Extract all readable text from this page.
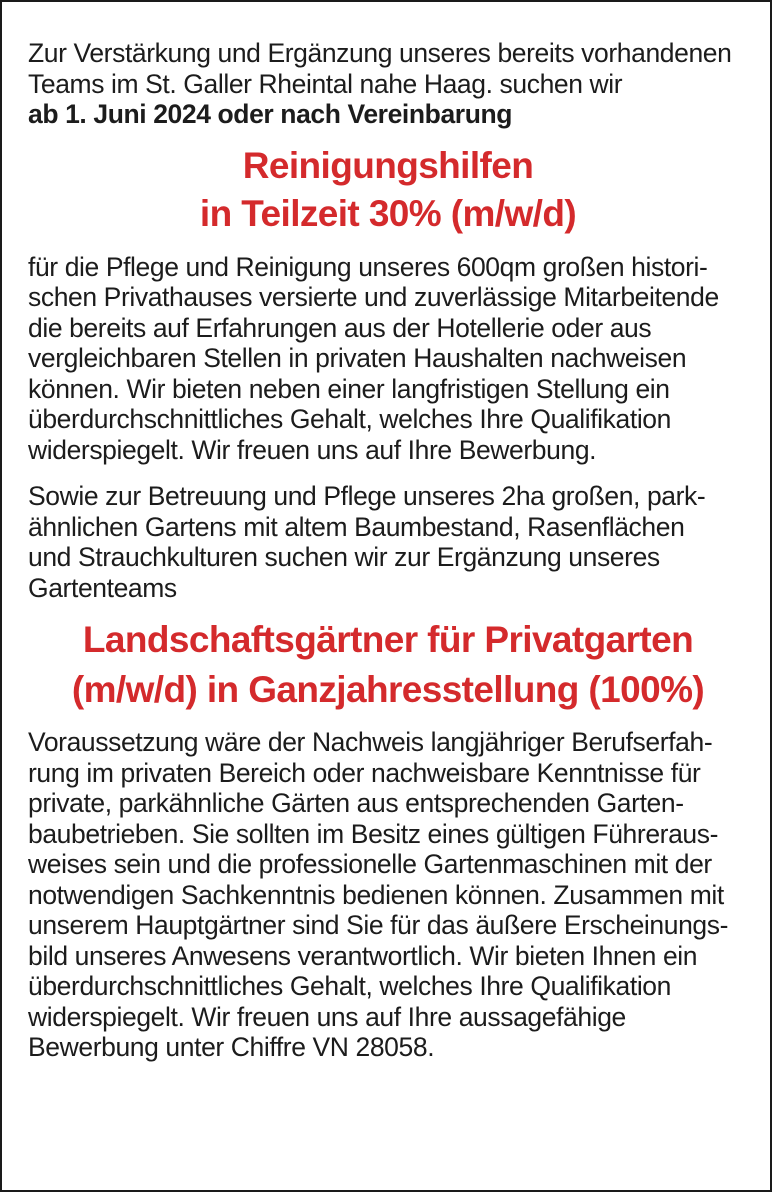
Zur Verstärkung und Ergänzung unseres bereits vorhandenen
Teams im St. Galler Rheintal nahe Haag. suchen wir
ab 1. Juni 2024 oder nach Vereinbarung

Reinigungshilfen
in Teilzeit 30% (m/w/d)

für die Pflege und Reinigung unseres 600qm großen histori-
schen Privathauses versierte und zuverlässige Mitarbeitende
die bereits auf Erfahrungen aus der Hotellerie oder aus
vergleichbaren Stellen in privaten Haushalten nachweisen
können. Wir bieten neben einer langfristigen Stellung ein
überdurchschnittliches Gehalt, welches Ihre Qualifikation
widerspiegelt. Wir freuen uns auf Ihre Bewerbung.

Sowie zur Betreuung und Pflege unseres 2ha großen, park-
ähnlichen Gartens mit altem Baumbestand, Rasenflächen
und Strauchkulturen suchen wir zur Ergänzung unseres
Gartenteams

Landschaftsgärtner für Privatgarten
(m/w/d) in Ganzjahresstellung (100%)

Voraussetzung wäre der Nachweis langjähriger Berufserfah-
rung im privaten Bereich oder nachweisbare Kenntnisse für
private, parkähnliche Gärten aus entsprechenden Garten-
baubetrieben. Sie sollten im Besitz eines gültigen Führeraus-
weises sein und die professionelle Gartenmaschinen mit der
notwendigen Sachkenntnis bedienen können. Zusammen mit
unserem Hauptgärtner sind Sie für das äußere Erscheinungs-
bild unseres Anwesens verantwortlich. Wir bieten Ihnen ein
überdurchschnittliches Gehalt, welches Ihre Qualifikation
widerspiegelt. Wir freuen uns auf Ihre aussagefähige
Bewerbung unter Chiffre VN 28058.
